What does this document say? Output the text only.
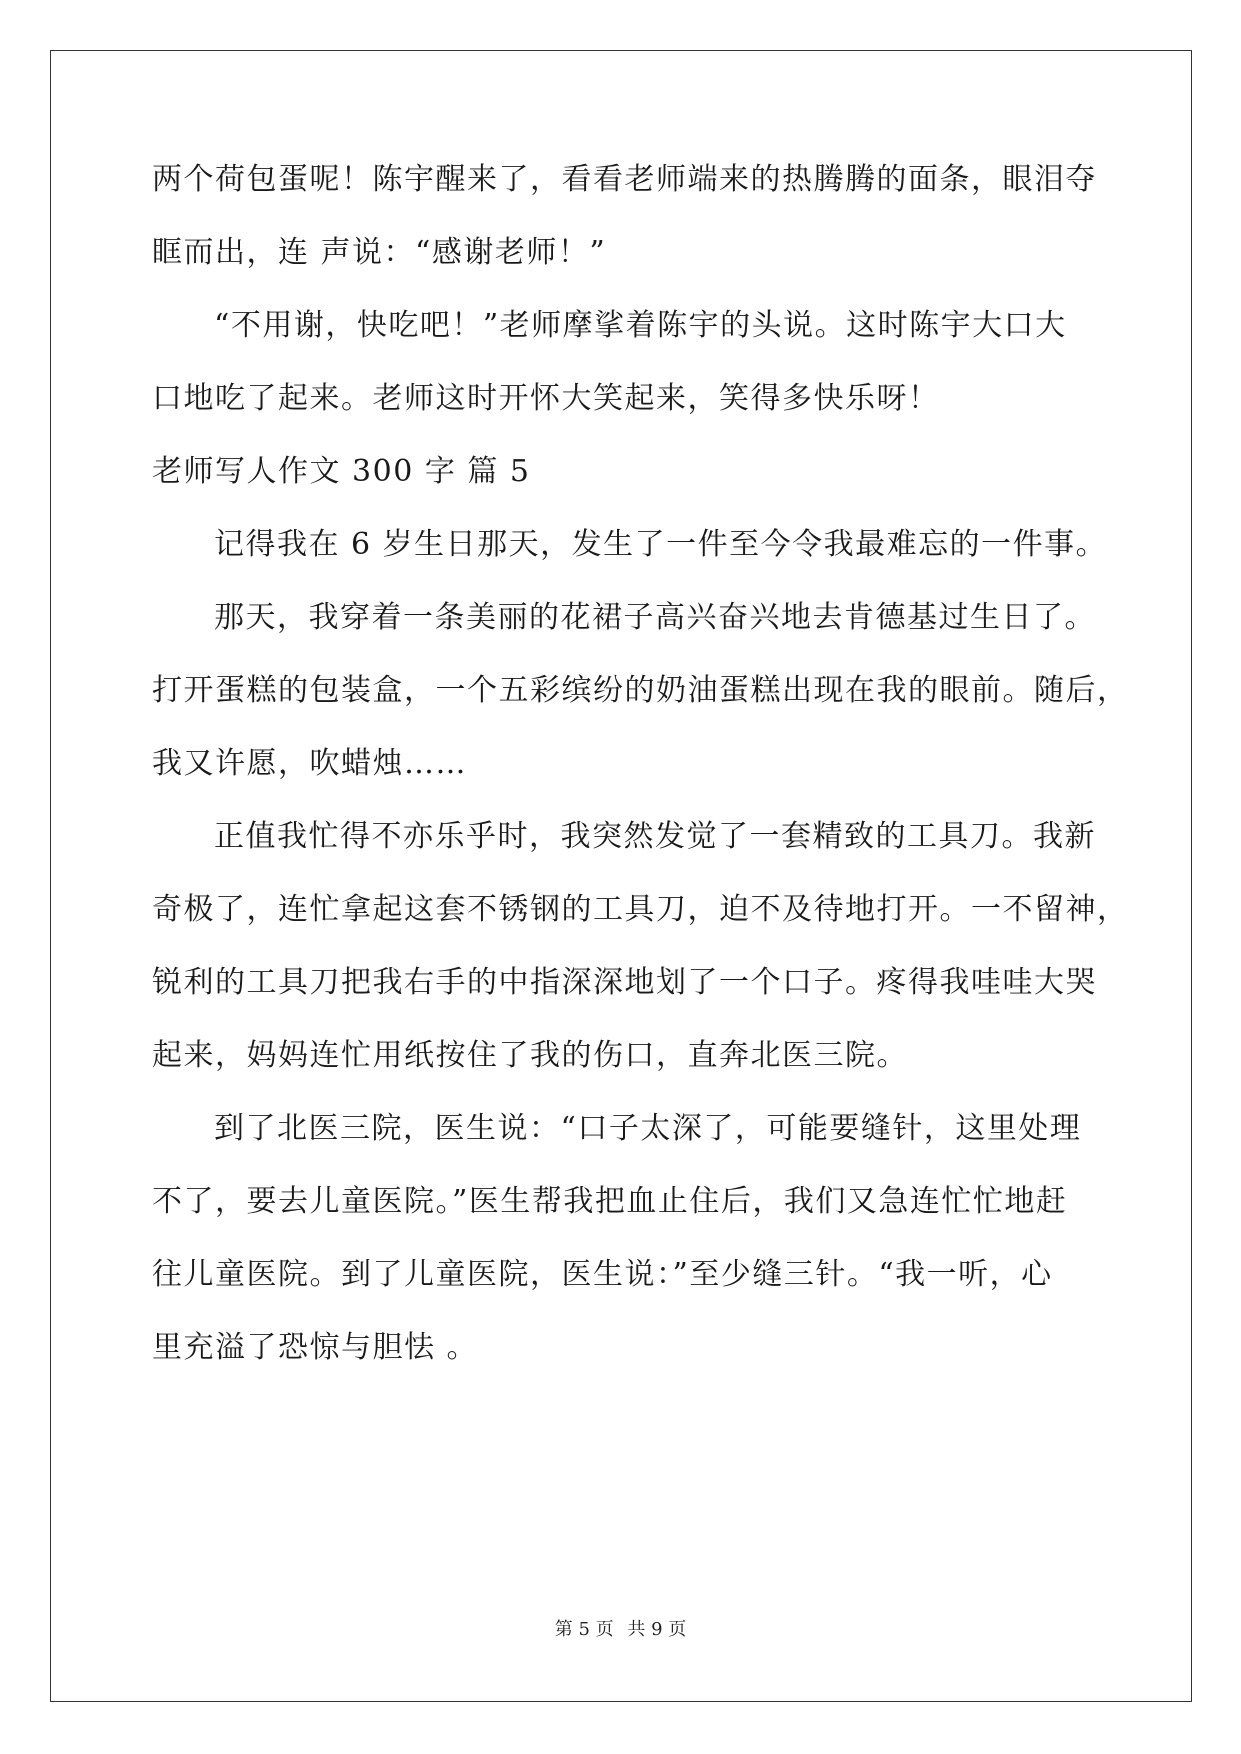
两个荷包蛋呢！陈宇醒来了，看看老师端来的热腾腾的面条，眼泪夺
眶而出，连 声说：“感谢老师！”
“不用谢，快吃吧！”老师摩挲着陈宇的头说。这时陈宇大口大
口地吃了起来。老师这时开怀大笑起来，笑得多快乐呀！
老师写人作文 300 字 篇 5
记得我在 6 岁生日那天，发生了一件至今令我最难忘的一件事。
那天，我穿着一条美丽的花裙子高兴奋兴地去肯德基过生日了。
打开蛋糕的包装盒，一个五彩缤纷的奶油蛋糕出现在我的眼前。随后，
我又许愿，吹蜡烛……
正值我忙得不亦乐乎时，我突然发觉了一套精致的工具刀。我新
奇极了，连忙拿起这套不锈钢的工具刀，迫不及待地打开。一不留神，
锐利的工具刀把我右手的中指深深地划了一个口子。疼得我哇哇大哭
起来，妈妈连忙用纸按住了我的伤口，直奔北医三院。
到了北医三院，医生说：“口子太深了，可能要缝针，这里处理
不了，要去儿童医院。”医生帮我把血止住后，我们又急连忙忙地赶
往儿童医院。到了儿童医院，医生说：”至少缝三针。“我一听，心
里充溢了恐惊与胆怯 。
第 5 页 共 9 页
